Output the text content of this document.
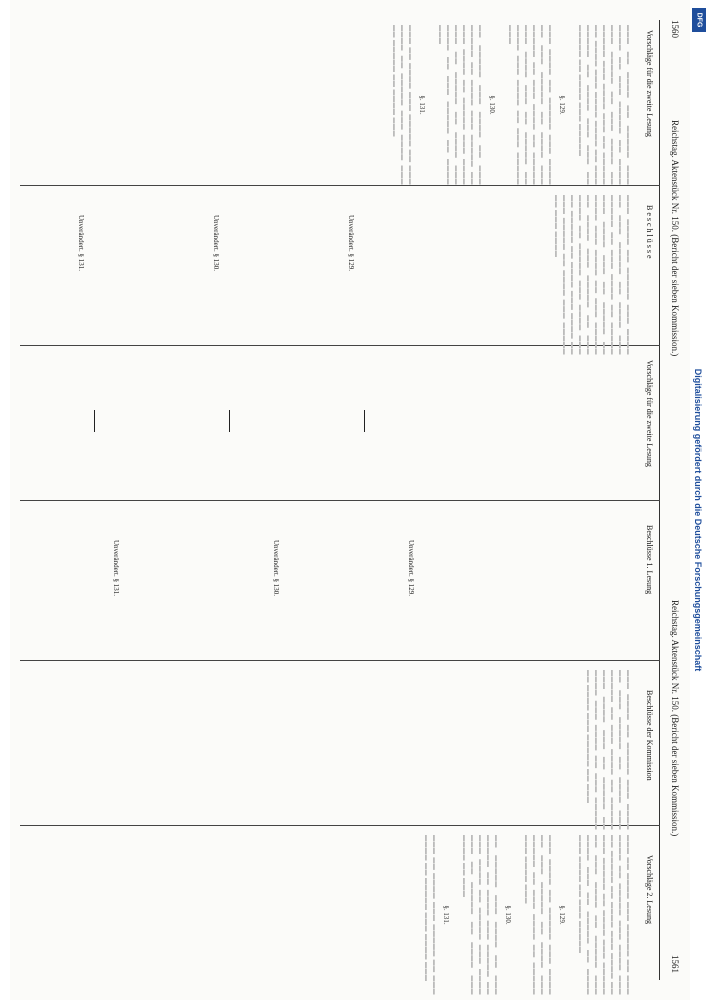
1560
Reichstag. Aktenstück Nr. 150. (Bericht der sieben Kommission.)
Reichstag. Aktenstück Nr. 150. (Bericht der sieben Kommission.)
1561
Vorschläge für die zweite Lesung
B e s c h l ü s s e
Vorschläge für die zweite Lesung
Beschlüsse 1. Lesung
Beschlüsse der Kommission
Vorschläge 2. Lesung
▬▬▬ ▬▬ ▬▬▬▬ ▬▬ ▬▬▬▬▬ ▬▬▬ ▬▬▬▬ ▬▬ ▬▬▬ ▬▬▬▬▬ ▬▬ ▬▬▬▬ ▬▬▬ ▬▬▬▬▬ ▬▬ ▬▬▬ ▬▬▬▬ ▬▬ ▬▬▬▬▬ ▬▬▬ ▬▬▬▬ ▬▬▬ ▬▬ ▬▬▬▬▬ ▬▬ ▬▬▬▬ ▬▬▬ ▬▬▬▬ ▬▬▬▬ ▬▬ ▬▬▬ ▬▬▬▬▬ ▬▬ ▬▬▬▬ ▬▬▬ ▬▬▬ ▬▬ ▬▬▬▬▬ ▬▬ ▬▬▬▬ ▬▬▬ ▬▬▬▬▬
§. 129.
▬▬▬ ▬▬▬▬ ▬▬ ▬▬▬▬▬ ▬▬▬ ▬▬▬▬ ▬▬ ▬▬▬ ▬▬▬▬▬ ▬▬ ▬▬▬▬ ▬▬▬ ▬▬▬▬▬ ▬▬ ▬▬▬ ▬▬▬▬ ▬▬ ▬▬▬▬▬ ▬▬▬ ▬▬▬▬ ▬▬▬ ▬▬ ▬▬▬▬▬ ▬▬ ▬▬▬▬ ▬▬▬ ▬▬▬▬ ▬▬ ▬▬▬ ▬▬▬▬▬ ▬▬▬
§. 130.
▬▬ ▬▬▬▬▬ ▬▬▬ ▬▬▬▬ ▬▬ ▬▬▬ ▬▬▬▬▬ ▬▬ ▬▬▬▬ ▬▬▬ ▬▬▬▬▬ ▬▬ ▬▬▬ ▬▬▬▬ ▬▬ ▬▬▬▬▬ ▬▬▬ ▬▬▬▬ ▬▬▬ ▬▬ ▬▬▬▬▬ ▬▬ ▬▬▬▬ ▬▬▬ ▬▬▬▬ ▬▬ ▬▬▬ ▬▬▬▬▬ ▬▬ ▬▬▬▬ ▬▬▬
§. 131.
▬▬▬ ▬▬ ▬▬▬▬ ▬▬▬ ▬▬▬▬▬ ▬▬ ▬▬▬ ▬▬▬▬ ▬▬ ▬▬▬▬▬ ▬▬▬ ▬▬▬▬ ▬▬▬ ▬▬ ▬▬▬▬▬ ▬▬ ▬▬▬▬ ▬▬▬
▬▬▬ ▬▬▬▬ ▬▬ ▬▬▬▬▬ ▬▬▬ ▬▬▬▬ ▬▬ ▬▬▬ ▬▬▬▬▬ ▬▬ ▬▬▬▬ ▬▬▬ ▬▬▬▬▬ ▬▬ ▬▬▬ ▬▬▬▬ ▬▬ ▬▬▬▬▬ ▬▬▬ ▬▬▬▬ ▬▬▬ ▬▬ ▬▬▬▬▬ ▬▬ ▬▬▬▬ ▬▬▬ ▬▬▬▬ ▬▬ ▬▬▬ ▬▬▬▬▬ ▬▬ ▬▬▬▬ ▬▬▬ ▬▬▬▬▬ ▬▬ ▬▬▬ ▬▬▬▬ ▬▬ ▬▬▬▬▬ ▬▬▬ ▬▬▬▬ ▬▬▬ ▬▬ ▬▬▬▬▬ ▬▬ ▬▬▬▬ ▬▬▬ ▬▬▬▬ ▬▬ ▬▬▬ ▬▬▬▬▬ ▬▬ ▬▬▬▬ ▬▬▬ ▬▬▬▬▬ ▬▬ ▬▬▬ ▬▬▬▬
Unverändert. § 129.
Unverändert. § 130.
Unverändert. § 131.
Unverändert. § 129.
Unverändert. § 130.
Unverändert. § 131.
▬▬▬ ▬▬ ▬▬▬▬ ▬▬▬ ▬▬▬▬▬ ▬▬ ▬▬▬ ▬▬▬▬ ▬▬ ▬▬▬▬▬ ▬▬▬ ▬▬▬▬ ▬▬▬ ▬▬ ▬▬▬▬▬ ▬▬ ▬▬▬▬ ▬▬▬ ▬▬▬▬ ▬▬ ▬▬▬ ▬▬▬▬▬ ▬▬ ▬▬▬▬ ▬▬▬ ▬▬▬▬▬ ▬▬ ▬▬▬ ▬▬▬▬ ▬▬ ▬▬▬▬▬ ▬▬▬ ▬▬▬▬ ▬▬▬ ▬▬ ▬▬▬▬▬ ▬▬ ▬▬▬▬ ▬▬▬ ▬▬▬▬ ▬▬ ▬▬▬ ▬▬▬▬▬
§. 129.
▬▬▬ ▬▬▬▬ ▬▬ ▬▬▬▬▬ ▬▬▬ ▬▬▬▬ ▬▬ ▬▬▬ ▬▬▬▬▬ ▬▬ ▬▬▬▬ ▬▬▬ ▬▬▬▬▬ ▬▬ ▬▬▬ ▬▬▬▬ ▬▬ ▬▬▬▬▬ ▬▬▬ ▬▬▬▬ ▬▬▬
§. 130.
▬▬ ▬▬▬▬▬ ▬▬▬ ▬▬▬▬ ▬▬ ▬▬▬ ▬▬▬▬▬ ▬▬ ▬▬▬▬ ▬▬▬ ▬▬▬▬▬ ▬▬ ▬▬▬ ▬▬▬▬ ▬▬ ▬▬▬▬▬ ▬▬▬ ▬▬▬▬ ▬▬▬ ▬▬ ▬▬▬▬▬ ▬▬ ▬▬▬▬ ▬▬▬ ▬▬▬▬ ▬▬ ▬▬▬
§. 131.
▬▬▬ ▬▬ ▬▬▬▬ ▬▬▬ ▬▬▬▬▬ ▬▬ ▬▬▬ ▬▬▬▬ ▬▬ ▬▬▬▬▬ ▬▬▬ ▬▬▬▬ ▬▬▬
▬▬▬ ▬▬▬▬ ▬▬ ▬▬▬▬▬ ▬▬▬ ▬▬▬▬ ▬▬ ▬▬▬ ▬▬▬▬▬ ▬▬ ▬▬▬▬ ▬▬▬ ▬▬▬▬▬ ▬▬ ▬▬▬ ▬▬▬▬ ▬▬ ▬▬▬▬▬ ▬▬▬ ▬▬▬▬ ▬▬▬ ▬▬ ▬▬▬▬▬ ▬▬ ▬▬▬▬ ▬▬▬ ▬▬▬▬ ▬▬ ▬▬▬ ▬▬▬▬▬ ▬▬ ▬▬▬▬ ▬▬▬ ▬▬▬▬▬ ▬▬ ▬▬▬
DFG
Digitalisierung gefördert durch die Deutsche Forschungsgemeinschaft
